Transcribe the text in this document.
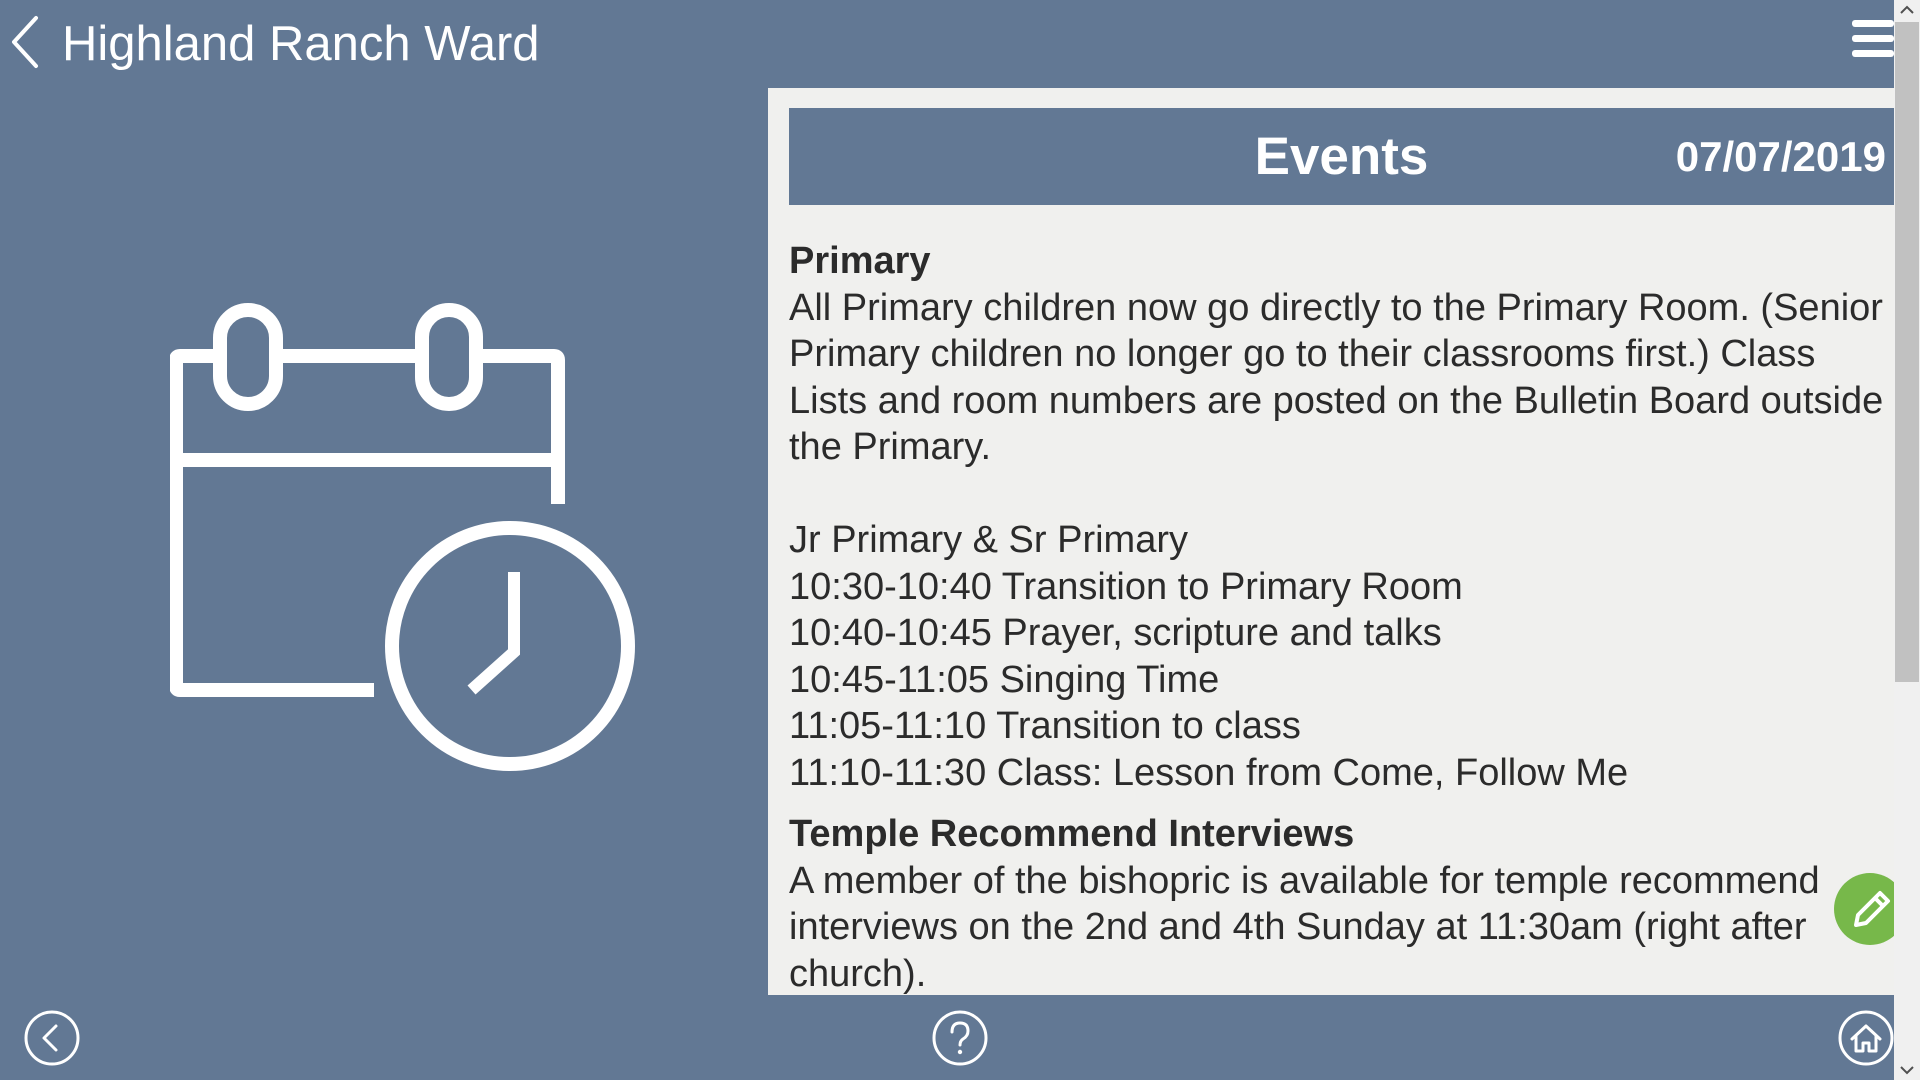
Highland Ranch Ward
Events	07/07/2019

Primary

All Primary children now go directly to the Primary Room. (Senior Primary children no longer go to their classrooms first.) Class Lists and room numbers are posted on the Bulletin Board outside the Primary.

Jr Primary & Sr Primary

10:30-10:40 Transition to Primary Room

10:40-10:45 Prayer, scripture and talks

10:45-11:05 Singing Time

11:05-11:10 Transition to class

11:10-11:30 Class: Lesson from Come, Follow Me

Temple Recommend Interviews

A member of the bishopric is available for temple recommend interviews on the 2nd and 4th Sunday at 11:30am (right after church).
